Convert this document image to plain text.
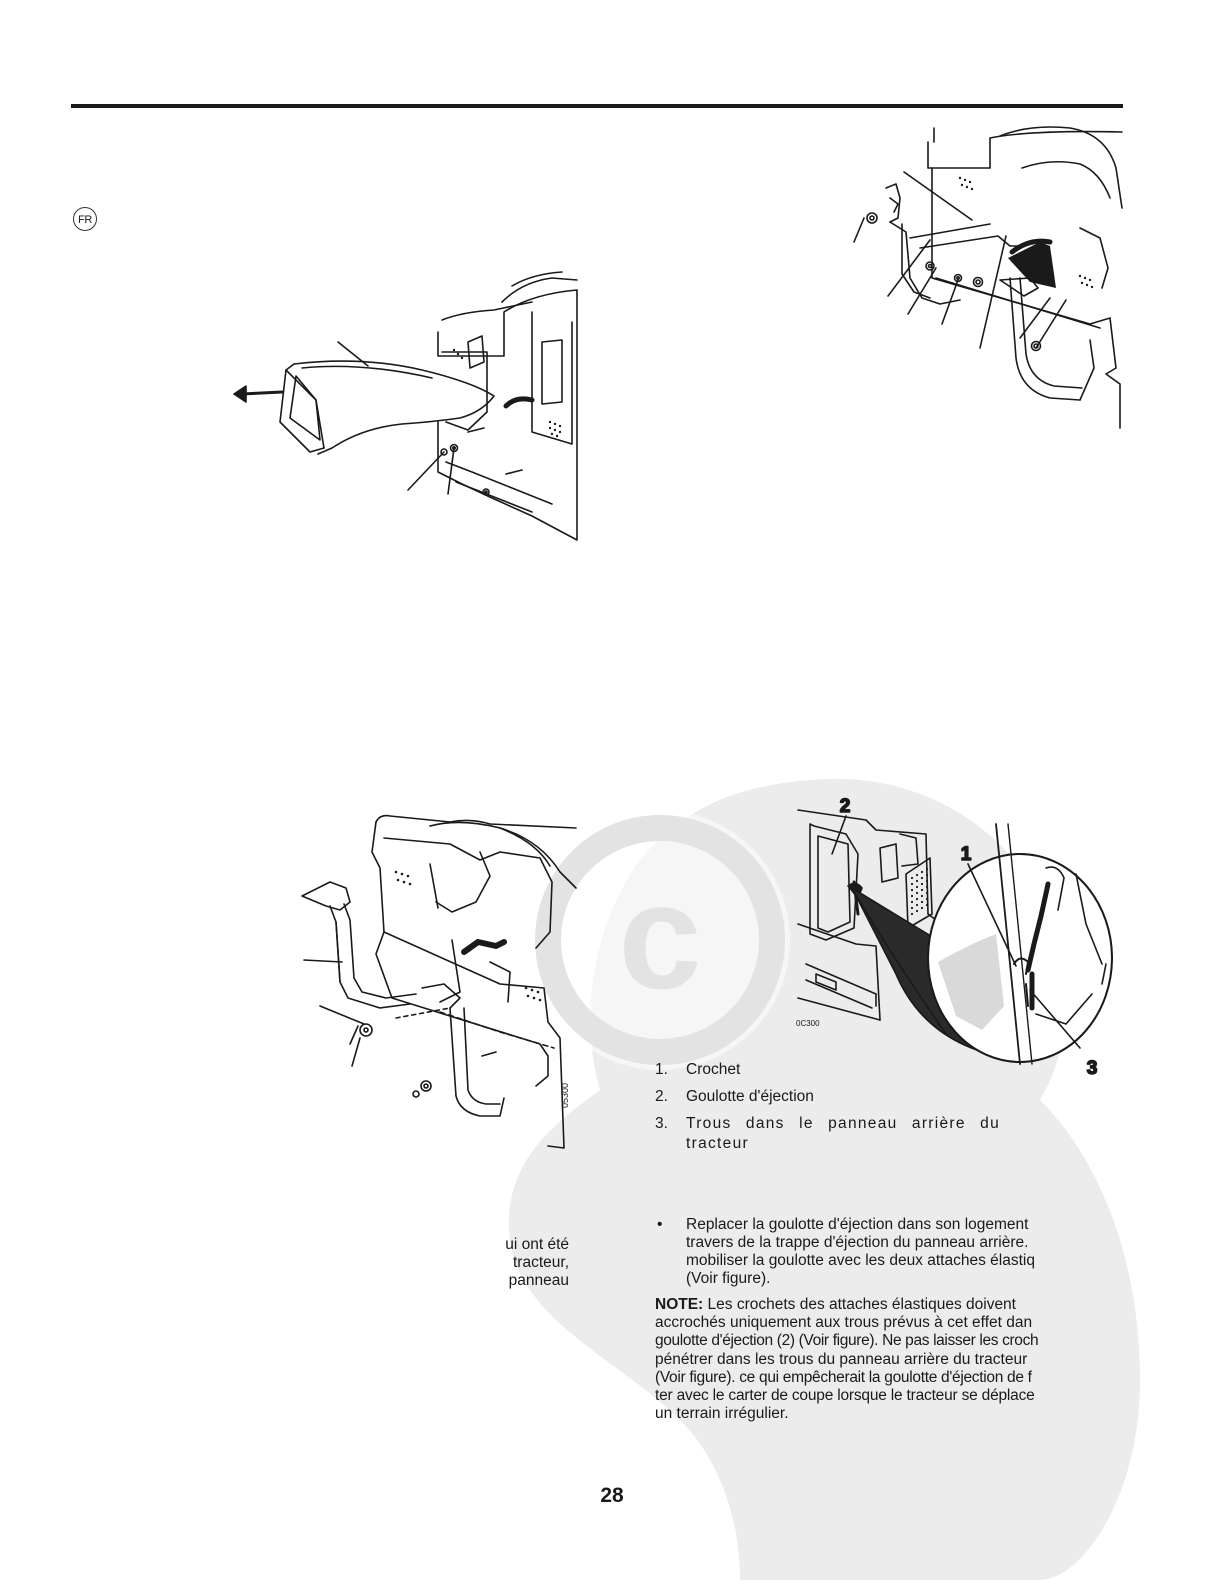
c
FR
05300
0C300
2
1
3
1. Crochet
2. Goulotte d'éjection
3. Trous dans le panneau arrière du tracteur
ui ont été
tracteur,
panneau
• Replacer la goulotte d'éjection dans son logement
travers de la trappe d'éjection du panneau arrière.
mobiliser la goulotte avec les deux attaches élastiq
(Voir figure).
NOTE: Les crochets des attaches élastiques doivent
accrochés uniquement aux trous prévus à cet effet dan
goulotte d'éjection (2) (Voir figure). Ne pas laisser les croch
pénétrer dans les trous du panneau arrière du tracteur
(Voir figure). ce qui empêcherait la goulotte d'éjection de f
ter avec le carter de coupe lorsque le tracteur se déplace
un terrain irrégulier.
28
